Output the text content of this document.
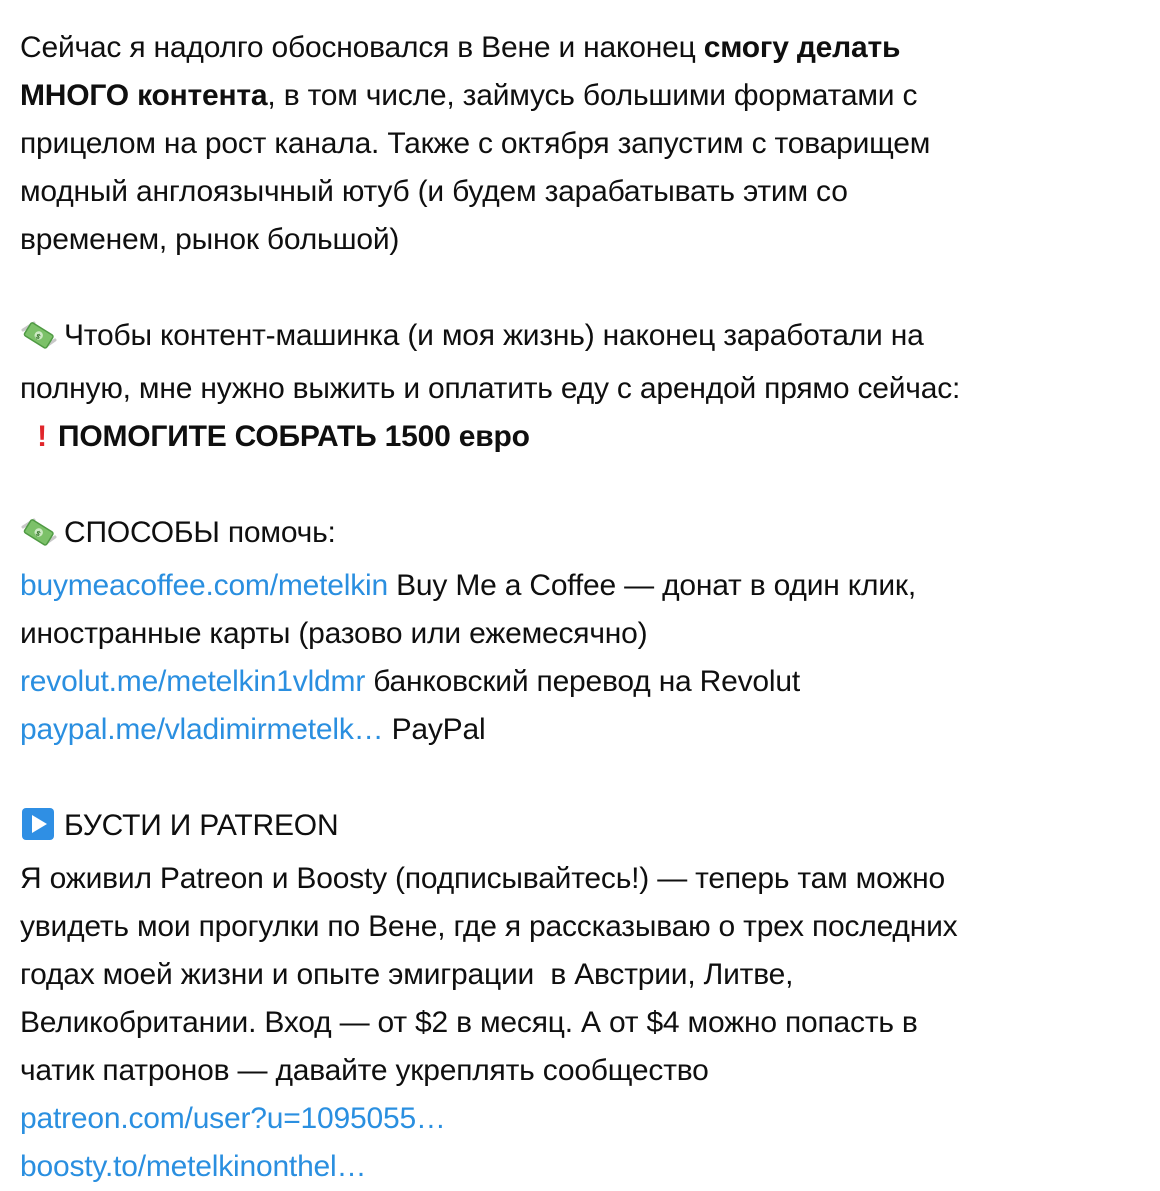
Сейчас я надолго обосновался в Вене и наконец смогу делать
МНОГО контента, в том числе, займусь большими форматами с
прицелом на рост канала. Также с октября запустим с товарищем
модный англоязычный ютуб (и будем зарабатывать этим со
временем, рынок большой)
$ Чтобы контент-машинка (и моя жизнь) наконец заработали на
полную, мне нужно выжить и оплатить еду с арендой прямо сейчас:
! ПОМОГИТЕ СОБРАТЬ 1500 евро
$ СПОСОБЫ помочь:
buymeacoffee.com/metelkin Buy Me a Coffee — донат в один клик,
иностранные карты (разово или ежемесячно)
revolut.me/metelkin1vldmr банковский перевод на Revolut
paypal.me/vladimirmetelk… PayPal
БУСТИ И PATREON
Я оживил Patreon и Boosty (подписывайтесь!) — теперь там можно
увидеть мои прогулки по Вене, где я рассказываю о трех последних
годах моей жизни и опыте эмиграции  в Австрии, Литве,
Великобритании. Вход — от $2 в месяц. А от $4 можно попасть в
чатик патронов — давайте укреплять сообщество
patreon.com/user?u=1095055…
boosty.to/metelkinonthel…
